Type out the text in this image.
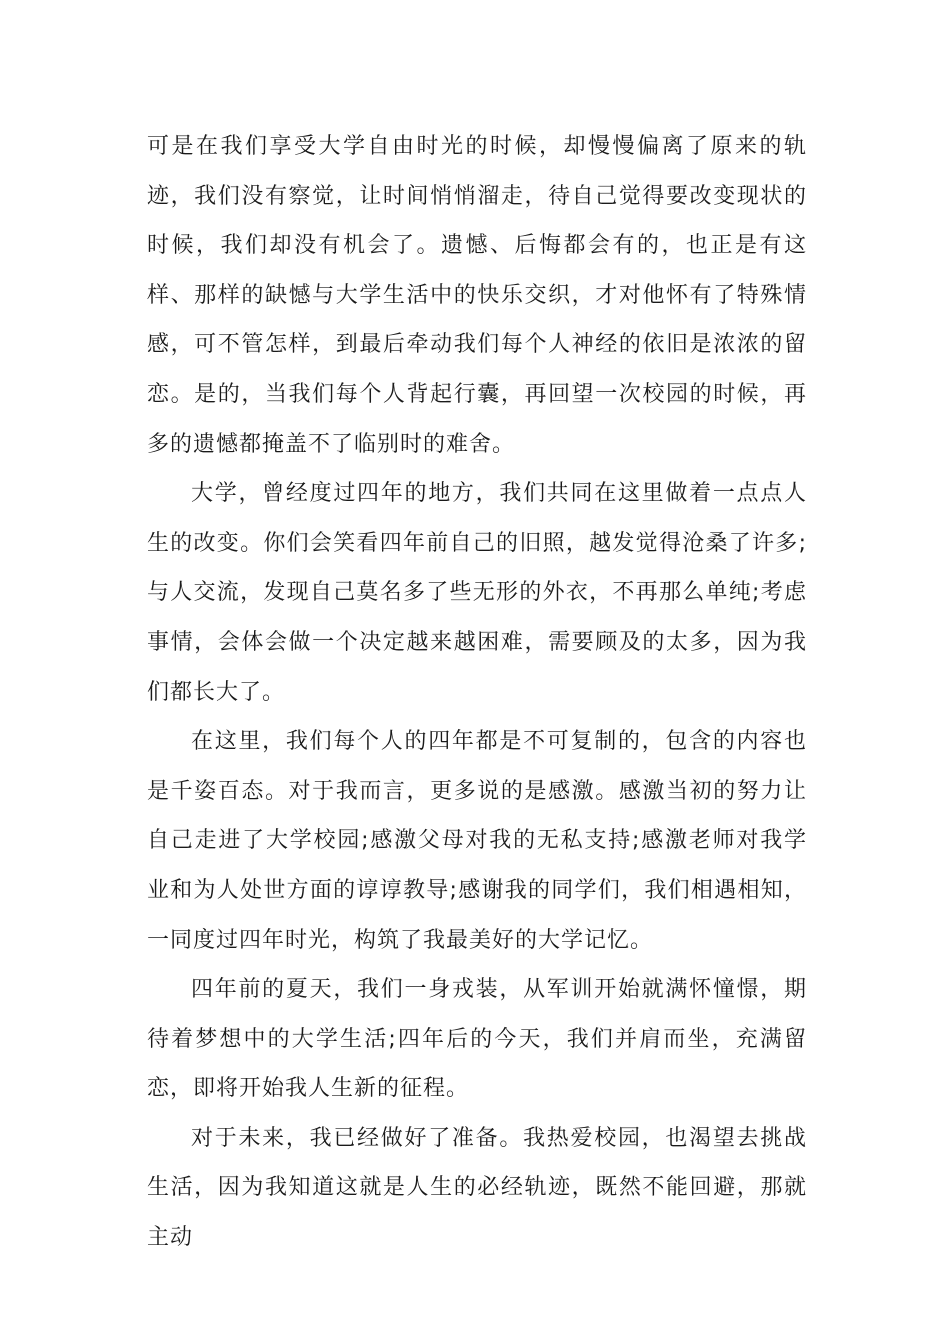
可是在我们享受大学自由时光的时候，却慢慢偏离了原来的轨迹，我们没有察觉，让时间悄悄溜走，待自己觉得要改变现状的时候，我们却没有机会了。遗憾、后悔都会有的，也正是有这样、那样的缺憾与大学生活中的快乐交织，才对他怀有了特殊情感，可不管怎样，到最后牵动我们每个人神经的依旧是浓浓的留恋。是的，当我们每个人背起行囊，再回望一次校园的时候，再多的遗憾都掩盖不了临别时的难舍。

大学，曾经度过四年的地方，我们共同在这里做着一点点人生的改变。你们会笑看四年前自己的旧照，越发觉得沧桑了许多;与人交流，发现自己莫名多了些无形的外衣，不再那么单纯;考虑事情，会体会做一个决定越来越困难，需要顾及的太多，因为我们都长大了。

在这里，我们每个人的四年都是不可复制的，包含的内容也是千姿百态。对于我而言，更多说的是感激。感激当初的努力让自己走进了大学校园;感激父母对我的无私支持;感激老师对我学业和为人处世方面的谆谆教导;感谢我的同学们，我们相遇相知，一同度过四年时光，构筑了我最美好的大学记忆。

四年前的夏天，我们一身戎装，从军训开始就满怀憧憬，期待着梦想中的大学生活;四年后的今天，我们并肩而坐，充满留恋，即将开始我人生新的征程。

对于未来，我已经做好了准备。我热爱校园，也渴望去挑战生活，因为我知道这就是人生的必经轨迹，既然不能回避，那就主动
